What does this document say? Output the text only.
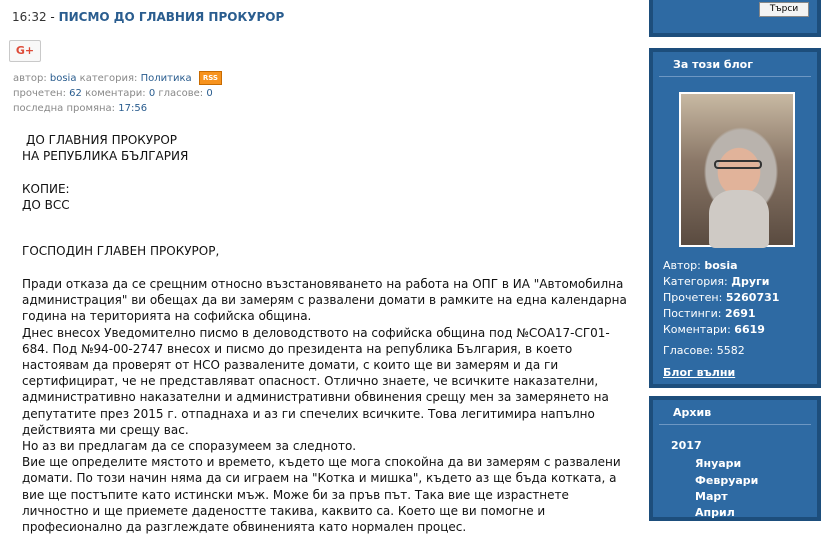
16:32 - ПИСМО ДО ГЛАВНИЯ ПРОКУРОР
G+
автор: bosia категория: Политика RSS
прочетен: 62 коментари: 0 гласове: 0
последна промяна: 17:56

ДО ГЛАВНИЯ ПРОКУРОР

НА РЕПУБЛИКА БЪЛГАРИЯ

КОПИЕ:

ДО ВСС

ГОСПОДИН ГЛАВЕН ПРОКУРОР,
Пради отказа да се срещним относно възстановяването на работа на ОПГ в ИА "Автомобилна администрация" ви обещах да ви замерям с развалени домати в рамките на една календарна година на територията на софийска община.
Днес внесох Уведомително писмо в деловодството на софийска община под №СОА17-СГ01-684. Под №94-00-2747 внесох и писмо до президента на република България, в което настоявам да проверят от НСО развалените домати, с които ще ви замерям и да ги сертифицират, че не представляват опасност. Отлично знаете, че всичките наказателни, административно наказателни и административни обвинения срещу мен за замерянето на депутатите през 2015 г. отпаднаха и аз ги спечелих всичките. Това легитимира напълно действията ми срещу вас.
Но аз ви предлагам да се споразумеем за следното.
Вие ще определите мястото и времето, където ще мога спокойна да ви замерям с развалени домати. По този начин няма да си играем на "Котка и мишка", където аз ще бъда котката, а вие ще постъпите като истински мъж. Може би за пръв път. Така вие ще израстнете личностно и ще приемете даденостте такива, каквито са. Което ще ви помогне и професионално да разглеждате обвиненията като нормален процес.
Търси
За този блог
Автор: bosia
Категория: Други
Прочетен: 5260731
Постинги: 2691
Коментари: 6619
Гласове: 5582
Блог вълни
Архив
2017
Януари
Февруари
Март
Април
